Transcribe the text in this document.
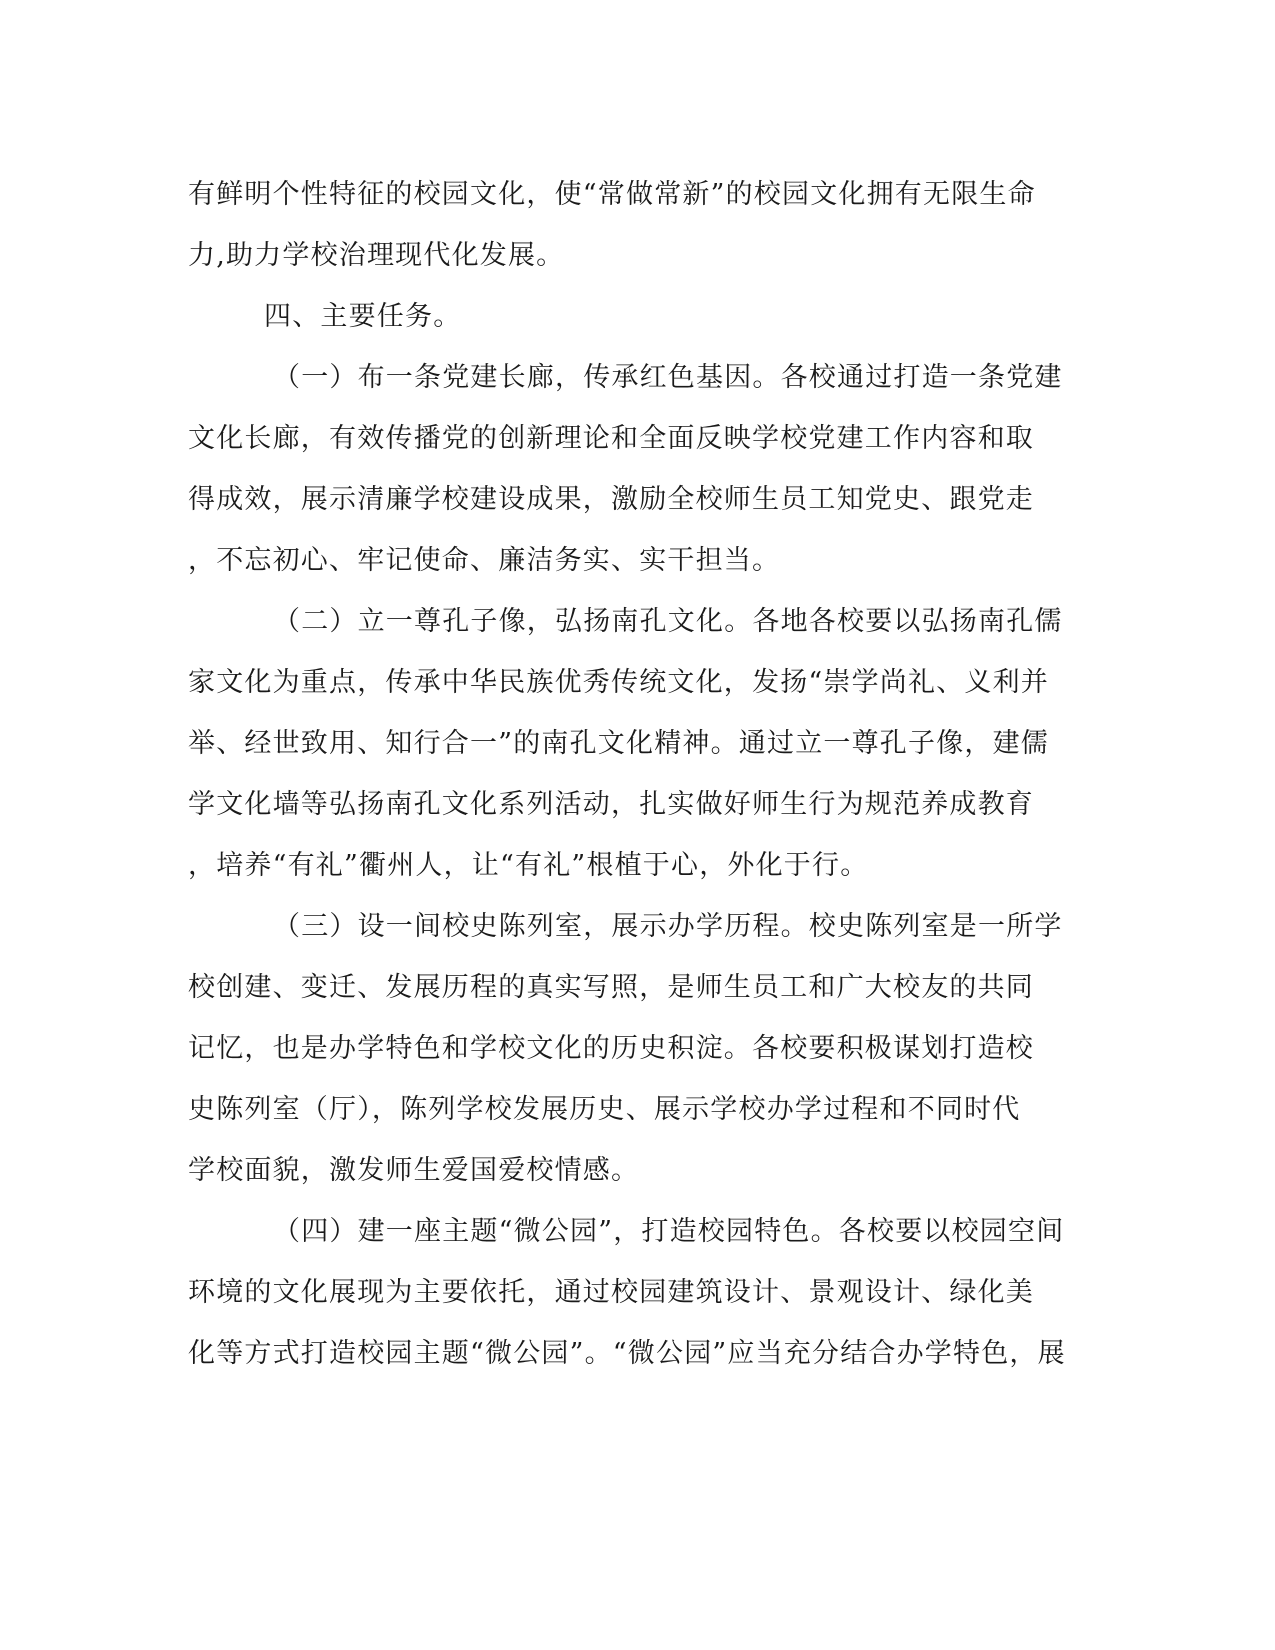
有鲜明个性特征的校园文化，使“常做常新”的校园文化拥有无限生命
力,助力学校治理现代化发展。
四、主要任务。
（一）布一条党建长廊，传承红色基因。各校通过打造一条党建
文化长廊，有效传播党的创新理论和全面反映学校党建工作内容和取
得成效，展示清廉学校建设成果，激励全校师生员工知党史、跟党走
，不忘初心、牢记使命、廉洁务实、实干担当。
（二）立一尊孔子像，弘扬南孔文化。各地各校要以弘扬南孔儒
家文化为重点，传承中华民族优秀传统文化，发扬“崇学尚礼、义利并
举、经世致用、知行合一”的南孔文化精神。通过立一尊孔子像，建儒
学文化墙等弘扬南孔文化系列活动，扎实做好师生行为规范养成教育
，培养“有礼”衢州人，让“有礼”根植于心，外化于行。
（三）设一间校史陈列室，展示办学历程。校史陈列室是一所学
校创建、变迁、发展历程的真实写照，是师生员工和广大校友的共同
记忆，也是办学特色和学校文化的历史积淀。各校要积极谋划打造校
史陈列室（厅），陈列学校发展历史、展示学校办学过程和不同时代
学校面貌，激发师生爱国爱校情感。
（四）建一座主题“微公园”，打造校园特色。各校要以校园空间
环境的文化展现为主要依托，通过校园建筑设计、景观设计、绿化美
化等方式打造校园主题“微公园”。“微公园”应当充分结合办学特色，展
